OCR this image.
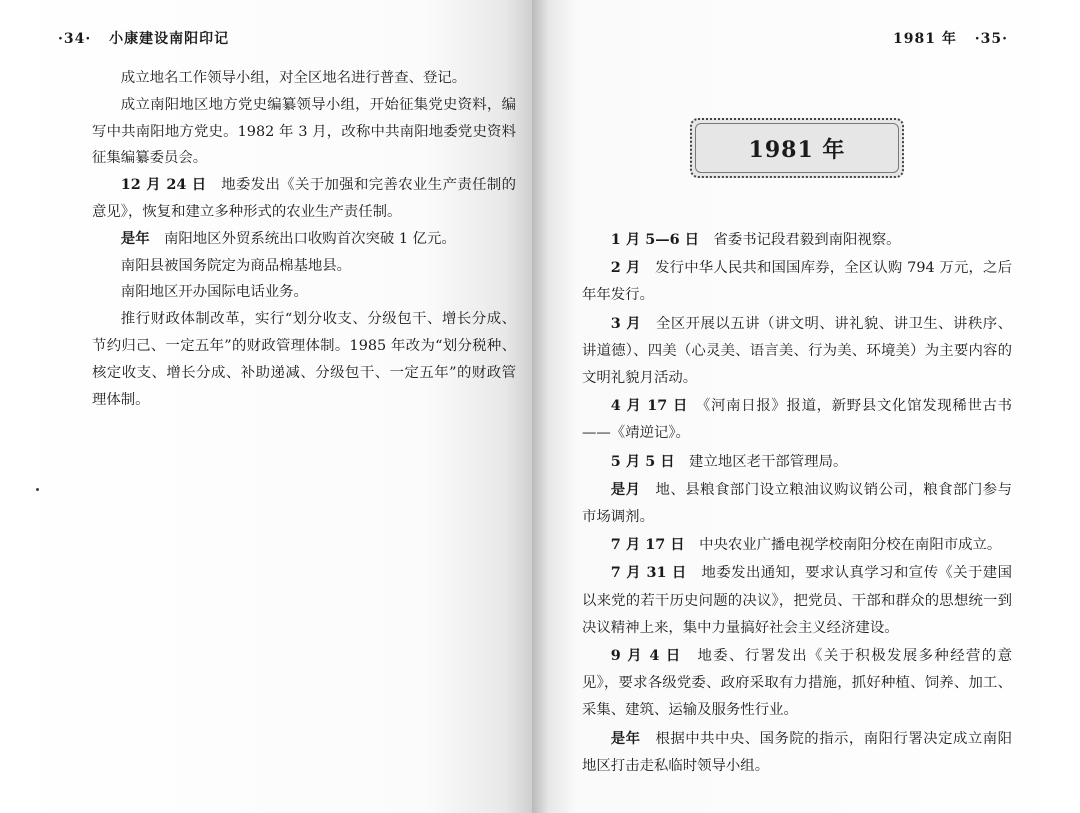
·34· 小康建设南阳印记

成立地名工作领导小组，对全区地名进行普查、登记。

成立南阳地区地方党史编纂领导小组，开始征集党史资料，编写中共南阳地方党史。1982 年 3 月，改称中共南阳地委党史资料征集编纂委员会。

12 月 24 日　 地委发出《关于加强和完善农业生产责任制的意见》，恢复和建立多种形式的农业生产责任制。

是年　 南阳地区外贸系统出口收购首次突破 1 亿元。

南阳县被国务院定为商品棉基地县。

南阳地区开办国际电话业务。

推行财政体制改革，实行“划分收支、分级包干、增长分成、节约归己、一定五年”的财政管理体制。1985 年改为“划分税种、核定收支、增长分成、补助递减、分级包干、一定五年”的财政管理体制。

1981 年 ·35·
1981 年

1 月 5—6 日　 省委书记段君毅到南阳视察。

2 月　 发行中华人民共和国国库券，全区认购 794 万元，之后年年发行。

3 月　 全区开展以五讲（讲文明、讲礼貌、讲卫生、讲秩序、讲道德）、四美（心灵美、语言美、行为美、环境美）为主要内容的文明礼貌月活动。

4 月 17 日　 《河南日报》报道，新野县文化馆发现稀世古书——《靖逆记》。

5 月 5 日　 建立地区老干部管理局。

是月　 地、县粮食部门设立粮油议购议销公司，粮食部门参与市场调剂。

7 月 17 日　 中央农业广播电视学校南阳分校在南阳市成立。

7 月 31 日　 地委发出通知，要求认真学习和宣传《关于建国以来党的若干历史问题的决议》，把党员、干部和群众的思想统一到决议精神上来，集中力量搞好社会主义经济建设。

9 月 4 日　 地委、行署发出《关于积极发展多种经营的意见》，要求各级党委、政府采取有力措施，抓好种植、饲养、加工、采集、建筑、运输及服务性行业。

是年　 根据中共中央、国务院的指示，南阳行署决定成立南阳地区打击走私临时领导小组。
